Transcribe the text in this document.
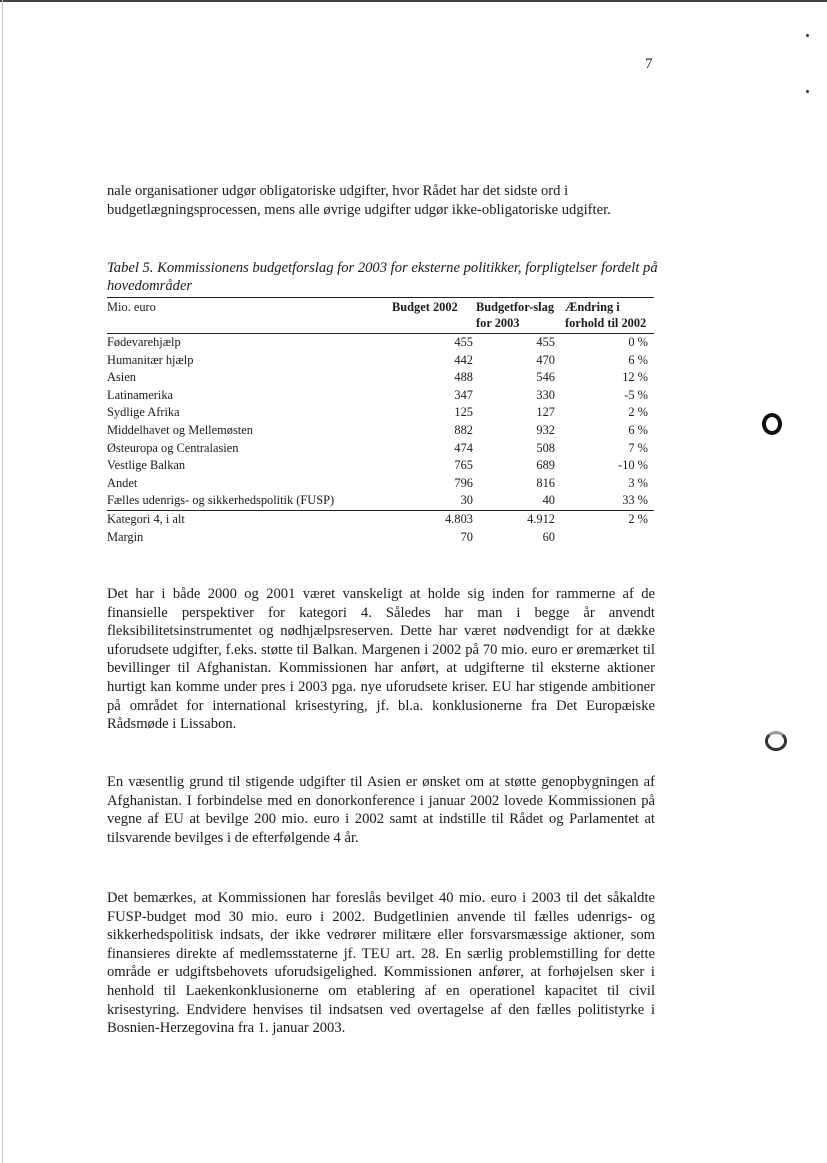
7

nale organisationer udgør obligatoriske udgifter, hvor Rådet har det sidste ord i budgetlægningsprocessen, mens alle øvrige udgifter udgør ikke-obligatoriske udgifter.

Tabel 5. Kommissionens budgetforslag for 2003 for eksterne politikker, forpligtelser fordelt på hovedområder

Mio. euro	Budget 2002	Budgetfor-slag for 2003	Ændring i forhold til 2002
Fødevarehjælp	455	455	0 %
Humanitær hjælp	442	470	6 %
Asien	488	546	12 %
Latinamerika	347	330	-5 %
Sydlige Afrika	125	127	2 %
Middelhavet og Mellemøsten	882	932	6 %
Østeuropa og Centralasien	474	508	7 %
Vestlige Balkan	765	689	-10 %
Andet	796	816	3 %
Fælles udenrigs- og sikkerhedspolitik (FUSP)	30	40	33 %
Kategori 4, i alt	4.803	4.912	2 %
Margin	70	60	

Det har i både 2000 og 2001 været vanskeligt at holde sig inden for rammerne af de finansielle perspektiver for kategori 4. Således har man i begge år anvendt fleksibilitetsinstrumentet og nødhjælpsreserven. Dette har været nødvendigt for at dække uforudsete udgifter, f.eks. støtte til Balkan. Margenen i 2002 på 70 mio. euro er øremærket til bevillinger til Afghanistan. Kommissionen har anført, at udgifterne til eksterne aktioner hurtigt kan komme under pres i 2003 pga. nye uforudsete kriser. EU har stigende ambitioner på området for international krisestyring, jf. bl.a. konklusionerne fra Det Europæiske Rådsmøde i Lissabon.

En væsentlig grund til stigende udgifter til Asien er ønsket om at støtte genopbygningen af Afghanistan. I forbindelse med en donorkonference i januar 2002 lovede Kommissionen på vegne af EU at bevilge 200 mio. euro i 2002 samt at indstille til Rådet og Parlamentet at tilsvarende bevilges i de efterfølgende 4 år.

Det bemærkes, at Kommissionen har foreslås bevilget 40 mio. euro i 2003 til det såkaldte FUSP-budget mod 30 mio. euro i 2002. Budgetlinien anvende til fælles udenrigs- og sikkerhedspolitisk indsats, der ikke vedrører militære eller forsvarsmæssige aktioner, som finansieres direkte af medlemsstaterne jf. TEU art. 28. En særlig problemstilling for dette område er udgiftsbehovets uforudsigelighed. Kommissionen anfører, at forhøjelsen sker i henhold til Laekenkonklusionerne om etablering af en operationel kapacitet til civil krisestyring. Endvidere henvises til indsatsen ved overtagelse af den fælles politistyrke i Bosnien-Herzegovina fra 1. januar 2003.
